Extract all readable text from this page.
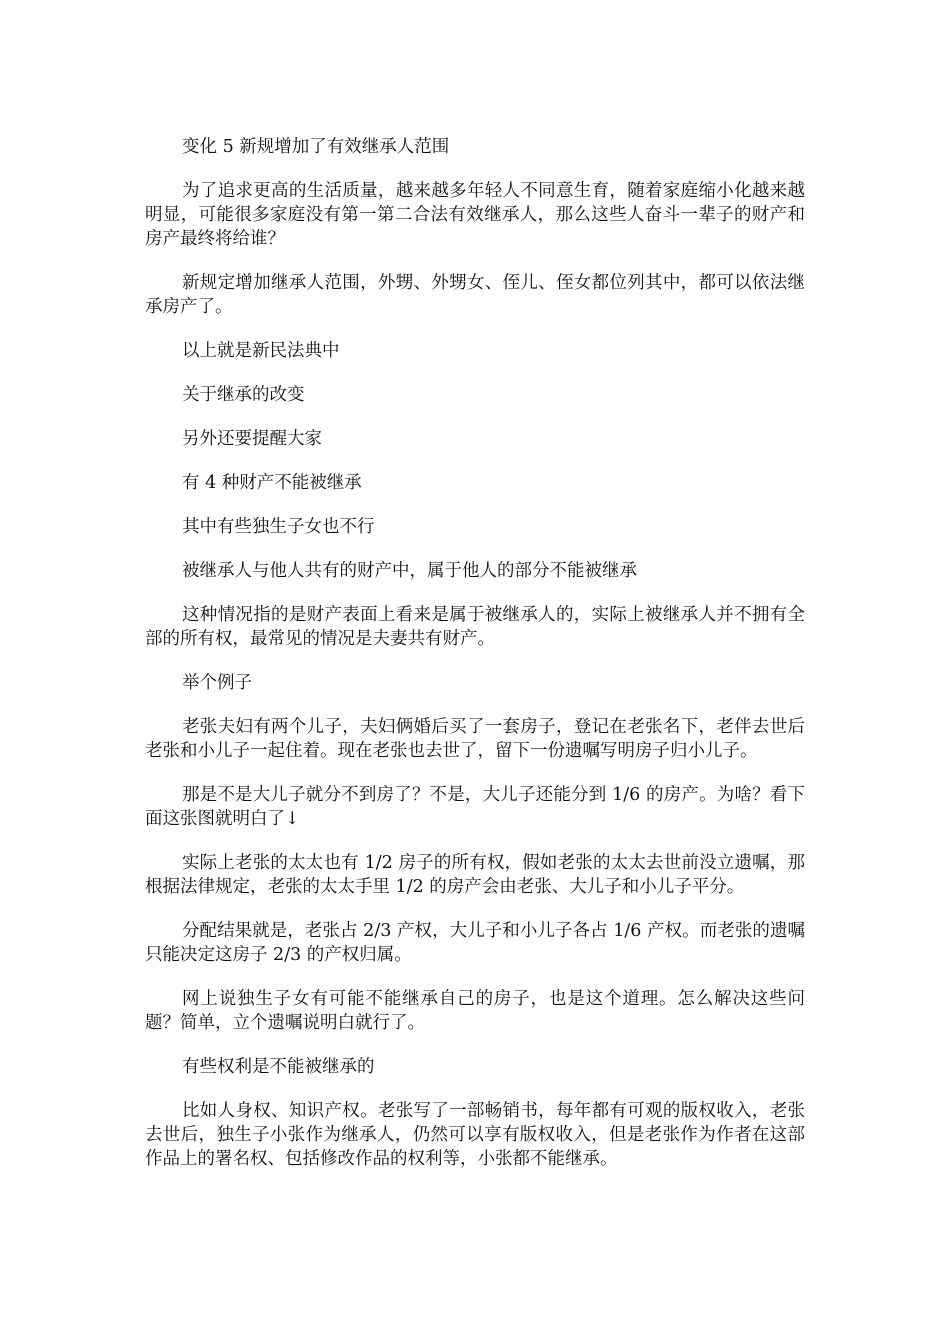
变化 5 新规增加了有效继承人范围

为了追求更高的生活质量，越来越多年轻人不同意生育，随着家庭缩小化越来越明显，可能很多家庭没有第一第二合法有效继承人，那么这些人奋斗一辈子的财产和房产最终将给谁？

新规定增加继承人范围，外甥、外甥女、侄儿、侄女都位列其中，都可以依法继承房产了。

以上就是新民法典中

关于继承的改变

另外还要提醒大家

有 4 种财产不能被继承

其中有些独生子女也不行

被继承人与他人共有的财产中，属于他人的部分不能被继承

这种情况指的是财产表面上看来是属于被继承人的，实际上被继承人并不拥有全部的所有权，最常见的情况是夫妻共有财产。

举个例子

老张夫妇有两个儿子，夫妇俩婚后买了一套房子，登记在老张名下，老伴去世后老张和小儿子一起住着。现在老张也去世了，留下一份遗嘱写明房子归小儿子。

那是不是大儿子就分不到房了？不是，大儿子还能分到 1/6 的房产。为啥？看下面这张图就明白了↓

实际上老张的太太也有 1/2 房子的所有权，假如老张的太太去世前没立遗嘱，那根据法律规定，老张的太太手里 1/2 的房产会由老张、大儿子和小儿子平分。

分配结果就是，老张占 2/3 产权，大儿子和小儿子各占 1/6 产权。而老张的遗嘱只能决定这房子 2/3 的产权归属。

网上说独生子女有可能不能继承自己的房子，也是这个道理。怎么解决这些问题？简单，立个遗嘱说明白就行了。

有些权利是不能被继承的

比如人身权、知识产权。老张写了一部畅销书，每年都有可观的版权收入，老张去世后，独生子小张作为继承人，仍然可以享有版权收入，但是老张作为作者在这部作品上的署名权、包括修改作品的权利等，小张都不能继承。
